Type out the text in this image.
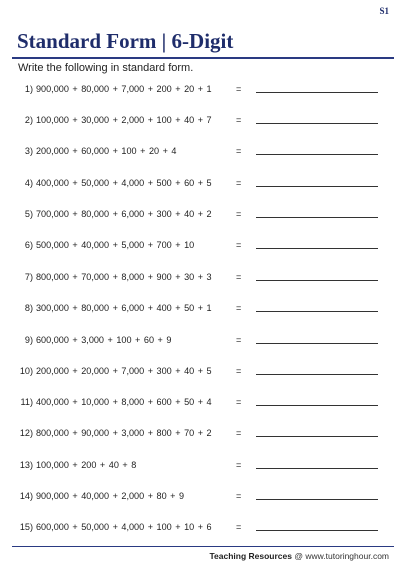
S1
Standard Form | 6-Digit
Write the following in standard form.
1) 900,000 + 80,000 + 7,000 + 200 + 20 + 1	=
2) 100,000 + 30,000 + 2,000 + 100 + 40 + 7	=
3) 200,000 + 60,000 + 100 + 20 + 4	=
4) 400,000 + 50,000 + 4,000 + 500 + 60 + 5	=
5) 700,000 + 80,000 + 6,000 + 300 + 40 + 2	=
6) 500,000 + 40,000 + 5,000 + 700 + 10	=
7) 800,000 + 70,000 + 8,000 + 900 + 30 + 3	=
8) 300,000 + 80,000 + 6,000 + 400 + 50 + 1	=
9) 600,000 + 3,000 + 100 + 60 + 9	=
10) 200,000 + 20,000 + 7,000 + 300 + 40 + 5	=
11) 400,000 + 10,000 + 8,000 + 600 + 50 + 4	=
12) 800,000 + 90,000 + 3,000 + 800 + 70 + 2	=
13) 100,000 + 200 + 40 + 8	=
14) 900,000 + 40,000 + 2,000 + 80 + 9	=
15) 600,000 + 50,000 + 4,000 + 100 + 10 + 6	=
Teaching Resources @ www.tutoringhour.com
